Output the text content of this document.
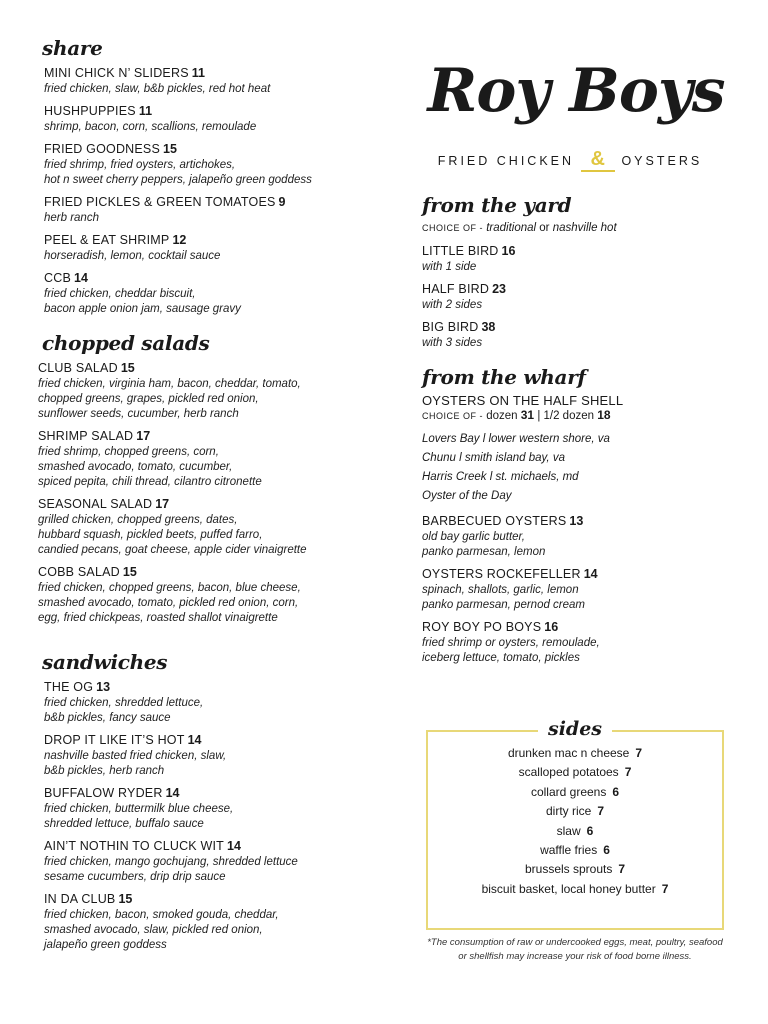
share
MINI CHICK N’ SLIDERS 11
fried chicken, slaw, b&b pickles, red hot heat
HUSHPUPPIES 11
shrimp, bacon, corn, scallions, remoulade
FRIED GOODNESS 15
fried shrimp, fried oysters, artichokes,
hot n sweet cherry peppers, jalapeño green goddess
FRIED PICKLES & GREEN TOMATOES 9
herb ranch
PEEL & EAT SHRIMP 12
horseradish, lemon, cocktail sauce
CCB 14
fried chicken, cheddar biscuit,
bacon apple onion jam, sausage gravy
chopped salads
CLUB SALAD 15
fried chicken, virginia ham, bacon, cheddar, tomato,
chopped greens, grapes, pickled red onion,
sunflower seeds, cucumber, herb ranch
SHRIMP SALAD 17
fried shrimp, chopped greens, corn,
smashed avocado, tomato, cucumber,
spiced pepita, chili thread, cilantro citronette
SEASONAL SALAD 17
grilled chicken, chopped greens, dates,
hubbard squash, pickled beets, puffed farro,
candied pecans, goat cheese, apple cider vinaigrette
COBB SALAD 15
fried chicken, chopped greens, bacon, blue cheese,
smashed avocado, tomato, pickled red onion, corn,
egg, fried chickpeas, roasted shallot vinaigrette
sandwiches
THE OG 13
fried chicken, shredded lettuce,
b&b pickles, fancy sauce
DROP IT LIKE IT’S HOT 14
nashville basted fried chicken, slaw,
b&b pickles, herb ranch
BUFFALOW RYDER 14
fried chicken, buttermilk blue cheese,
shredded lettuce, buffalo sauce
AIN’T NOTHIN TO CLUCK WIT 14
fried chicken, mango gochujang, shredded lettuce
sesame cucumbers, drip drip sauce
IN DA CLUB 15
fried chicken, bacon, smoked gouda, cheddar,
smashed avocado, slaw, pickled red onion,
jalapeño green goddess
Roy Boys
FRIED CHICKEN & OYSTERS
from the yard
CHOICE OF - traditional or nashville hot
LITTLE BIRD 16
with 1 side
HALF BIRD 23
with 2 sides
BIG BIRD 38
with 3 sides
from the wharf
OYSTERS ON THE HALF SHELL
CHOICE OF - dozen 31 | 1/2 dozen 18
Lovers Bay l lower western shore, va
Chunu l smith island bay, va
Harris Creek l st. michaels, md
Oyster of the Day
BARBECUED OYSTERS 13
old bay garlic butter,
panko parmesan, lemon
OYSTERS ROCKEFELLER 14
spinach, shallots, garlic, lemon
panko parmesan, pernod cream
ROY BOY PO BOYS 16
fried shrimp or oysters, remoulade,
iceberg lettuce, tomato, pickles
sides
drunken mac n cheese 7
scalloped potatoes 7
collard greens 6
dirty rice 7
slaw 6
waffle fries 6
brussels sprouts 7
biscuit basket, local honey butter 7
*The consumption of raw or undercooked eggs, meat, poultry, seafood or shellfish may increase your risk of food borne illness.
